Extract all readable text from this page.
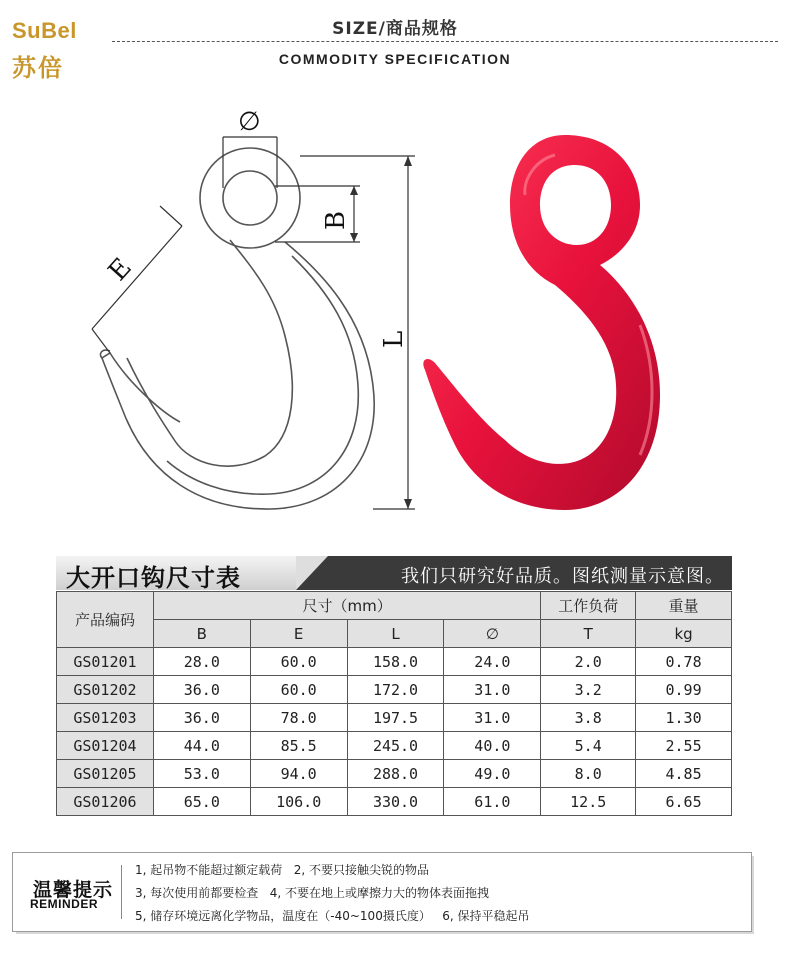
SuBel
苏倍
SIZE/商品规格
COMMODITY SPECIFICATION
∅
B
L
E
大开口钩尺寸表	我们只研究好品质。图纸测量示意图。
产品编码	尺寸（mm）				工作负荷	重量
	B	E	L	∅	T	kg
GS01201	28.0	60.0	158.0	24.0	2.0	0.78
GS01202	36.0	60.0	172.0	31.0	3.2	0.99
GS01203	36.0	78.0	197.5	31.0	3.8	1.30
GS01204	44.0	85.5	245.0	40.0	5.4	2.55
GS01205	53.0	94.0	288.0	49.0	8.0	4.85
GS01206	65.0	106.0	330.0	61.0	12.5	6.65
温馨提示
REMINDER
1, 起吊物不能超过额定载荷   2, 不要只接触尖锐的物品
3, 每次使用前都要检查   4, 不要在地上或摩擦力大的物体表面拖拽
5, 储存环境远离化学物品，温度在（-40~100摄氏度）   6, 保持平稳起吊
